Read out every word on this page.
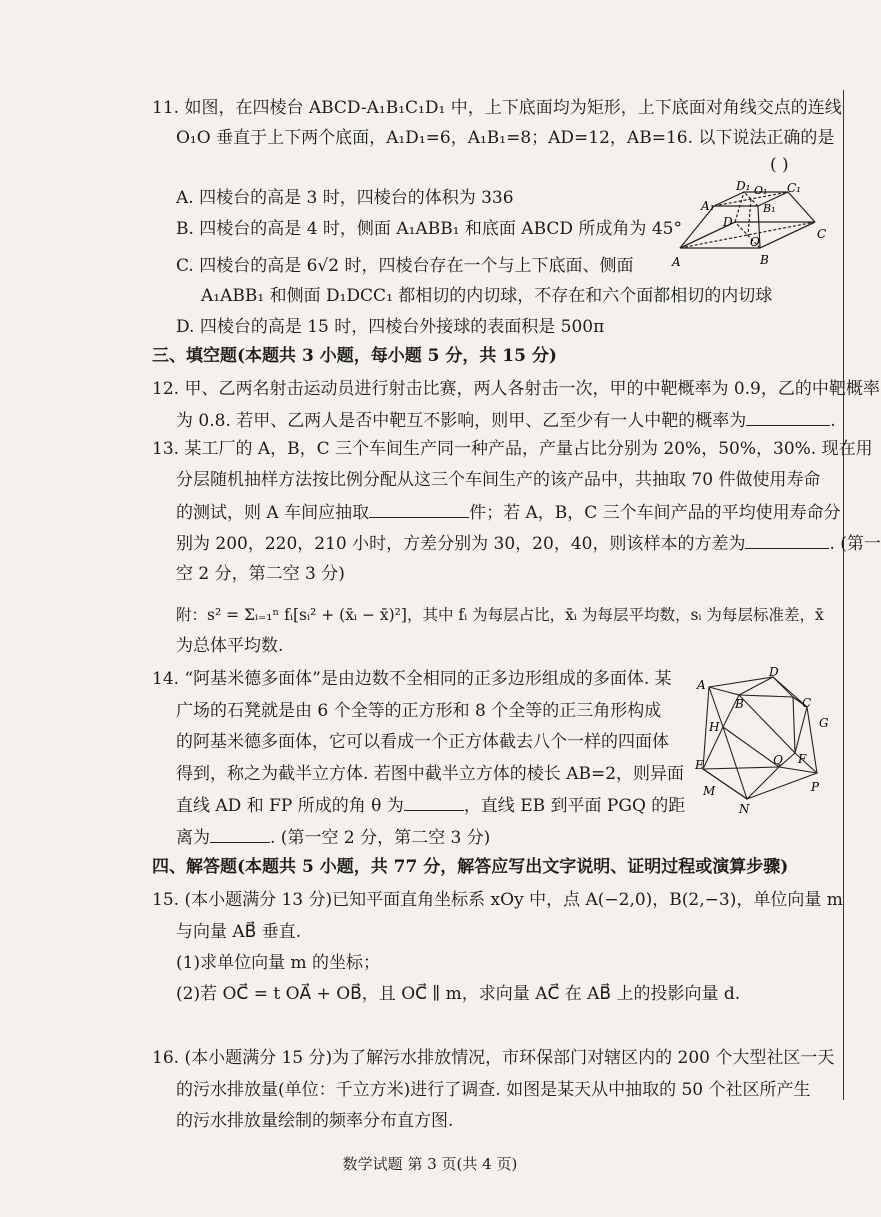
11. 如图，在四棱台 ABCD-A₁B₁C₁D₁ 中，上下底面均为矩形，上下底面对角线交点的连线
O₁O 垂直于上下两个底面，A₁D₁=6，A₁B₁=8；AD=12，AB=16. 以下说法正确的是
( )
A. 四棱台的高是 3 时，四棱台的体积为 336
B. 四棱台的高是 4 时，侧面 A₁ABB₁ 和底面 ABCD 所成角为 45°
C. 四棱台的高是 6√2 时，四棱台存在一个与上下底面、侧面
A₁ABB₁ 和侧面 D₁DCC₁ 都相切的内切球，不存在和六个面都相切的内切球
D. 四棱台的高是 15 时，四棱台外接球的表面积是 500π
D₁ O₁ C₁
A₁	B₁
D
O
C
A	B
三、填空题(本题共 3 小题，每小题 5 分，共 15 分)
12. 甲、乙两名射击运动员进行射击比赛，两人各射击一次，甲的中靶概率为 0.9，乙的中靶概率
为 0.8. 若甲、乙两人是否中靶互不影响，则甲、乙至少有一人中靶的概率为	.
13. 某工厂的 A，B，C 三个车间生产同一种产品，产量占比分别为 20%，50%，30%. 现在用
分层随机抽样方法按比例分配从这三个车间生产的该产品中，共抽取 70 件做使用寿命
的测试，则 A 车间应抽取	件；若 A，B，C 三个车间产品的平均使用寿命分
别为 200，220，210 小时，方差分别为 30，20，40，则该样本的方差为	. (第一
空 2 分，第二空 3 分)
附：s² = Σᵢ₌₁ⁿ fᵢ[sᵢ² + (x̄ᵢ − x̄)²]，其中 fᵢ 为每层占比，x̄ᵢ 为每层平均数，sᵢ 为每层标准差，x̄
为总体平均数.
14. “阿基米德多面体”是由边数不全相同的正多边形组成的多面体. 某
广场的石凳就是由 6 个全等的正方形和 8 个全等的正三角形构成
的阿基米德多面体，它可以看成一个正方体截去八个一样的四面体
得到，称之为截半立方体. 若图中截半立方体的棱长 AB=2，则异面
直线 AD 和 FP 所成的角 θ 为	，直线 EB 到平面 PGQ 的距
离为	. (第一空 2 分，第二空 3 分)
A
B	C
D
G
H
E	Q F
M
N
P
四、解答题(本题共 5 小题，共 77 分，解答应写出文字说明、证明过程或演算步骤)
15. (本小题满分 13 分)已知平面直角坐标系 xOy 中，点 A(−2,0)，B(2,−3)，单位向量 m
与向量 AB⃗ 垂直.
(1)求单位向量 m 的坐标；
(2)若 OC⃗ = t OA⃗ + OB⃗，且 OC⃗ ∥ m，求向量 AC⃗ 在 AB⃗ 上的投影向量 d.
16. (本小题满分 15 分)为了解污水排放情况，市环保部门对辖区内的 200 个大型社区一天
的污水排放量(单位：千立方米)进行了调查. 如图是某天从中抽取的 50 个社区所产生
的污水排放量绘制的频率分布直方图.
数学试题 第 3 页(共 4 页)
